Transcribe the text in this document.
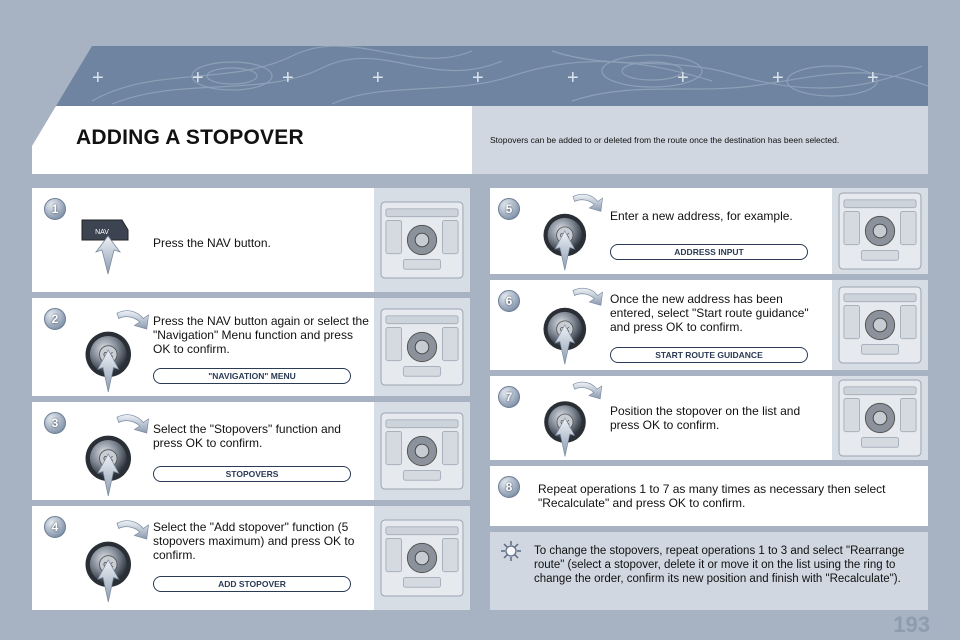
+	+	+	+	+	+	+	+	+
ADDING A STOPOVER	Stopovers can be added to or deleted from the route once the destination has been selected.
1
NAV
Press the NAV button.
2	Press the NAV button again or select the "Navigation" Menu function and press OK to confirm.
"NAVIGATION" MENU
3	Select the "Stopovers" function and press OK to confirm.
STOPOVERS
4	Select the "Add stopover" function (5 stopovers maximum) and press OK to confirm.
ADD STOPOVER
5	Enter a new address, for example.
ADDRESS INPUT
6	Once the new address has been entered, select "Start route guidance" and press OK to confirm.
START ROUTE GUIDANCE
7
Position the stopover on the list and press OK to confirm.
8	Repeat operations 1 to 7 as many times as necessary then select "Recalculate" and press OK to confirm.
To change the stopovers, repeat operations 1 to 3 and select "Rearrange route" (select a stopover, delete it or move it on the list using the ring to change the order, confirm its new position and finish with "Recalculate").
193
